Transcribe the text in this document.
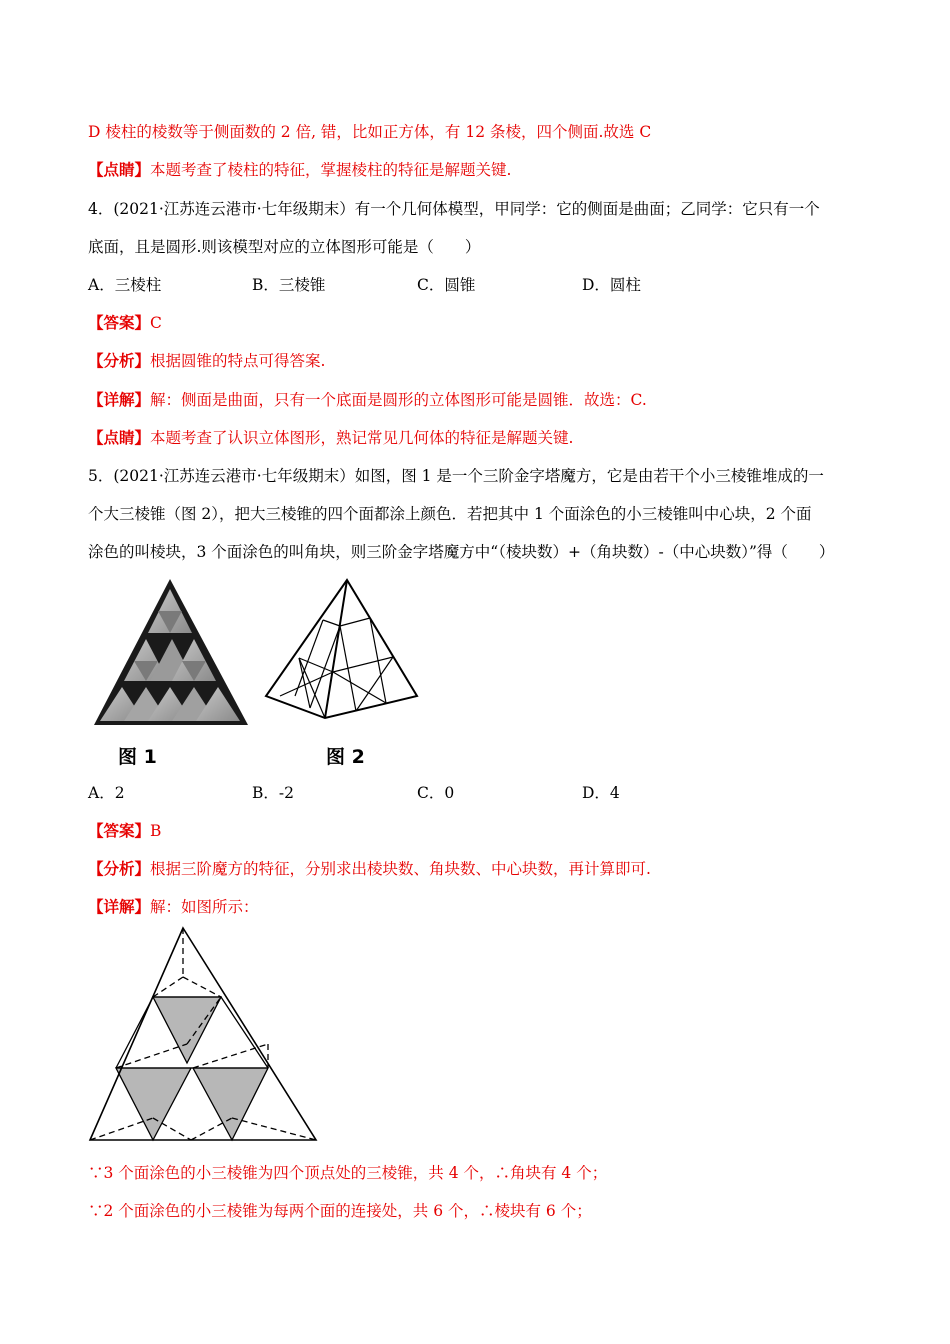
D 棱柱的棱数等于侧面数的 2 倍, 错，比如正方体，有 12 条棱，四个侧面.故选 C
【点睛】本题考查了棱柱的特征，掌握棱柱的特征是解题关键.
4．(2021·江苏连云港市·七年级期末）有一个几何体模型，甲同学：它的侧面是曲面；乙同学：它只有一个
底面，且是圆形.则该模型对应的立体图形可能是（　　）
A．三棱柱	B．三棱锥	C．圆锥	D．圆柱
【答案】C
【分析】根据圆锥的特点可得答案.
【详解】解：侧面是曲面，只有一个底面是圆形的立体图形可能是圆锥．故选：C.
【点睛】本题考查了认识立体图形，熟记常见几何体的特征是解题关键.
5．(2021·江苏连云港市·七年级期末）如图，图 1 是一个三阶金字塔魔方，它是由若干个小三棱锥堆成的一
个大三棱锥（图 2），把大三棱锥的四个面都涂上颜色．若把其中 1 个面涂色的小三棱锥叫中心块，2 个面
涂色的叫棱块，3 个面涂色的叫角块，则三阶金字塔魔方中“（棱块数）+（角块数）-（中心块数）”得（　　）
图 1	图 2
A．2	B．-2	C．0	D．4
【答案】B
【分析】根据三阶魔方的特征，分别求出棱块数、角块数、中心块数，再计算即可.
【详解】解：如图所示：
∵3 个面涂色的小三棱锥为四个顶点处的三棱锥，共 4 个，∴角块有 4 个；
∵2 个面涂色的小三棱锥为每两个面的连接处，共 6 个，∴棱块有 6 个；
